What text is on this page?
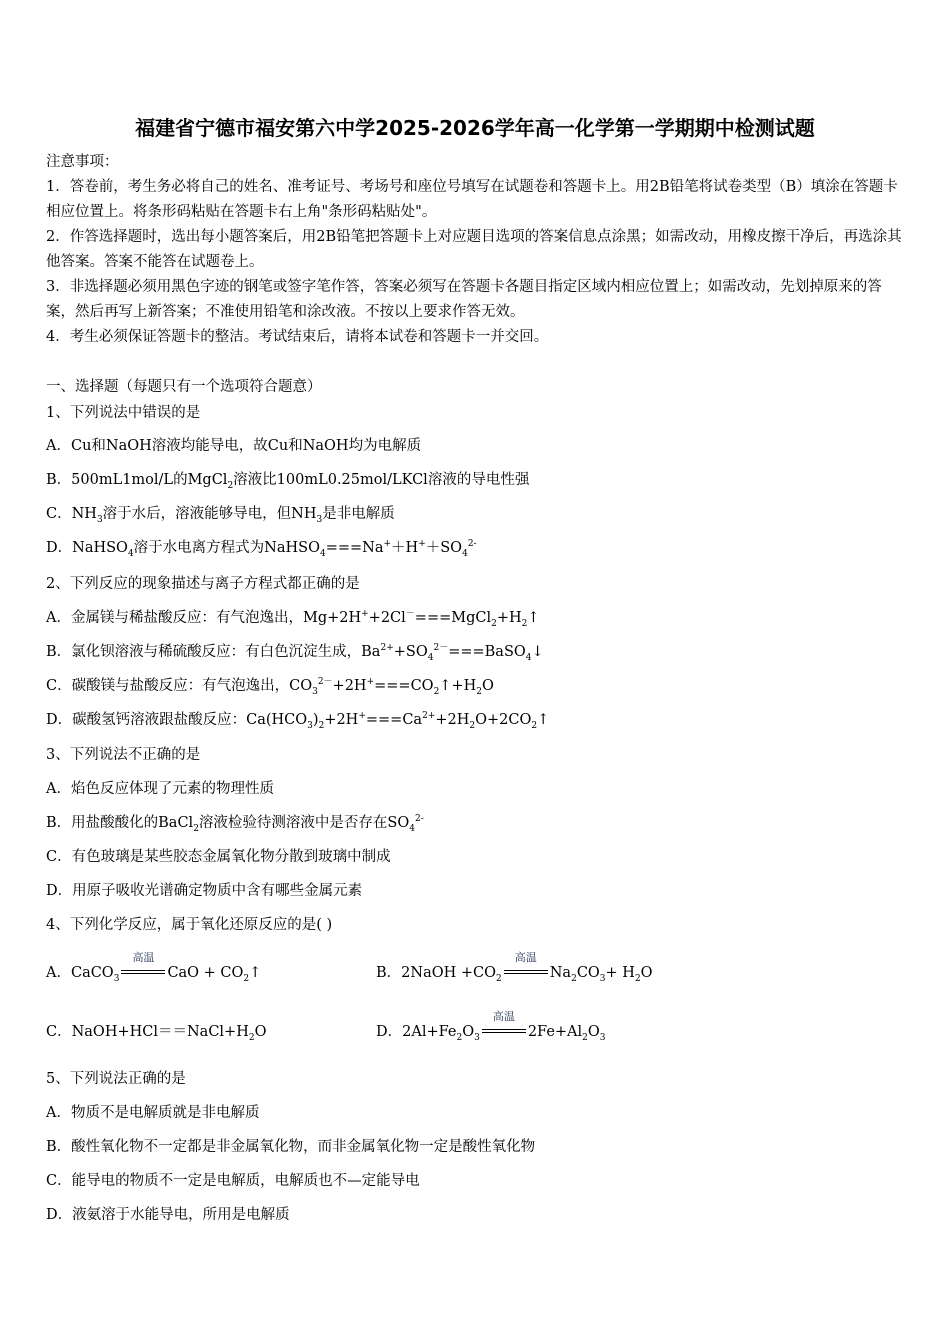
福建省宁德市福安第六中学2025-2026学年高一化学第一学期期中检测试题

注意事项：

1．答卷前，考生务必将自己的姓名、准考证号、考场号和座位号填写在试题卷和答题卡上。用2B铅笔将试卷类型（B）填涂在答题卡相应位置上。将条形码粘贴在答题卡右上角"条形码粘贴处"。

2．作答选择题时，选出每小题答案后，用2B铅笔把答题卡上对应题目选项的答案信息点涂黑；如需改动，用橡皮擦干净后，再选涂其他答案。答案不能答在试题卷上。

3．非选择题必须用黑色字迹的钢笔或签字笔作答，答案必须写在答题卡各题目指定区域内相应位置上；如需改动，先划掉原来的答案，然后再写上新答案；不准使用铅笔和涂改液。不按以上要求作答无效。

4．考生必须保证答题卡的整洁。考试结束后，请将本试卷和答题卡一并交回。

一、选择题（每题只有一个选项符合题意）
1、下列说法中错误的是
A．Cu和NaOH溶液均能导电，故Cu和NaOH均为电解质
B．500mL1mol/L的MgCl$_2$溶液比100mL0.25mol/LKCl溶液的导电性强
C．$NH_3$溶于水后，溶液能够导电，但$NH_3$是非电解质
D．NaHSO$_4$溶于水电离方程式为$NaHSO_4===Na^++H^++SO_4^{2-}$
2、下列反应的现象描述与离子方程式都正确的是
A．金属镁与稀盐酸反应：有气泡逸出，$Mg+2H^++2Cl^-===MgCl_2+H_2↑$
B．氯化钡溶液与稀硫酸反应：有白色沉淀生成，$Ba^{2+}+SO_4^{2-}===BaSO_4↓$
C．碳酸镁与盐酸反应：有气泡逸出，$CO_3^{2-}+2H^+===CO_2↑+H_2O$
D．碳酸氢钙溶液跟盐酸反应：$Ca(HCO_3)_2+2H^+===Ca^{2+}+2H_2O+2CO_2↑$
3、下列说法不正确的是
A．焰色反应体现了元素的物理性质
B．用盐酸酸化的BaCl$_2$溶液检验待测溶液中是否存在$SO_4^{2-}$
C．有色玻璃是某些胶态金属氧化物分散到玻璃中制成
D．用原子吸收光谱确定物质中含有哪些金属元素
4、下列化学反应，属于氧化还原反应的是( )
A．CaCO$_3$
高温
CaO + $CO_2↑$	B．2NaOH $+CO_2$
高温
$Na_2CO_3+ H_2O$
C．$NaOH+HCl==NaCl+H_2O$	D．$2Al+Fe_2O_3$
高温
$2Fe+Al_2O_3$
5、下列说法正确的是
A．物质不是电解质就是非电解质
B．酸性氧化物不一定都是非金属氧化物，而非金属氧化物一定是酸性氧化物
C．能导电的物质不一定是电解质，电解质也不—定能导电
D．液氨溶于水能导电，所用是电解质
